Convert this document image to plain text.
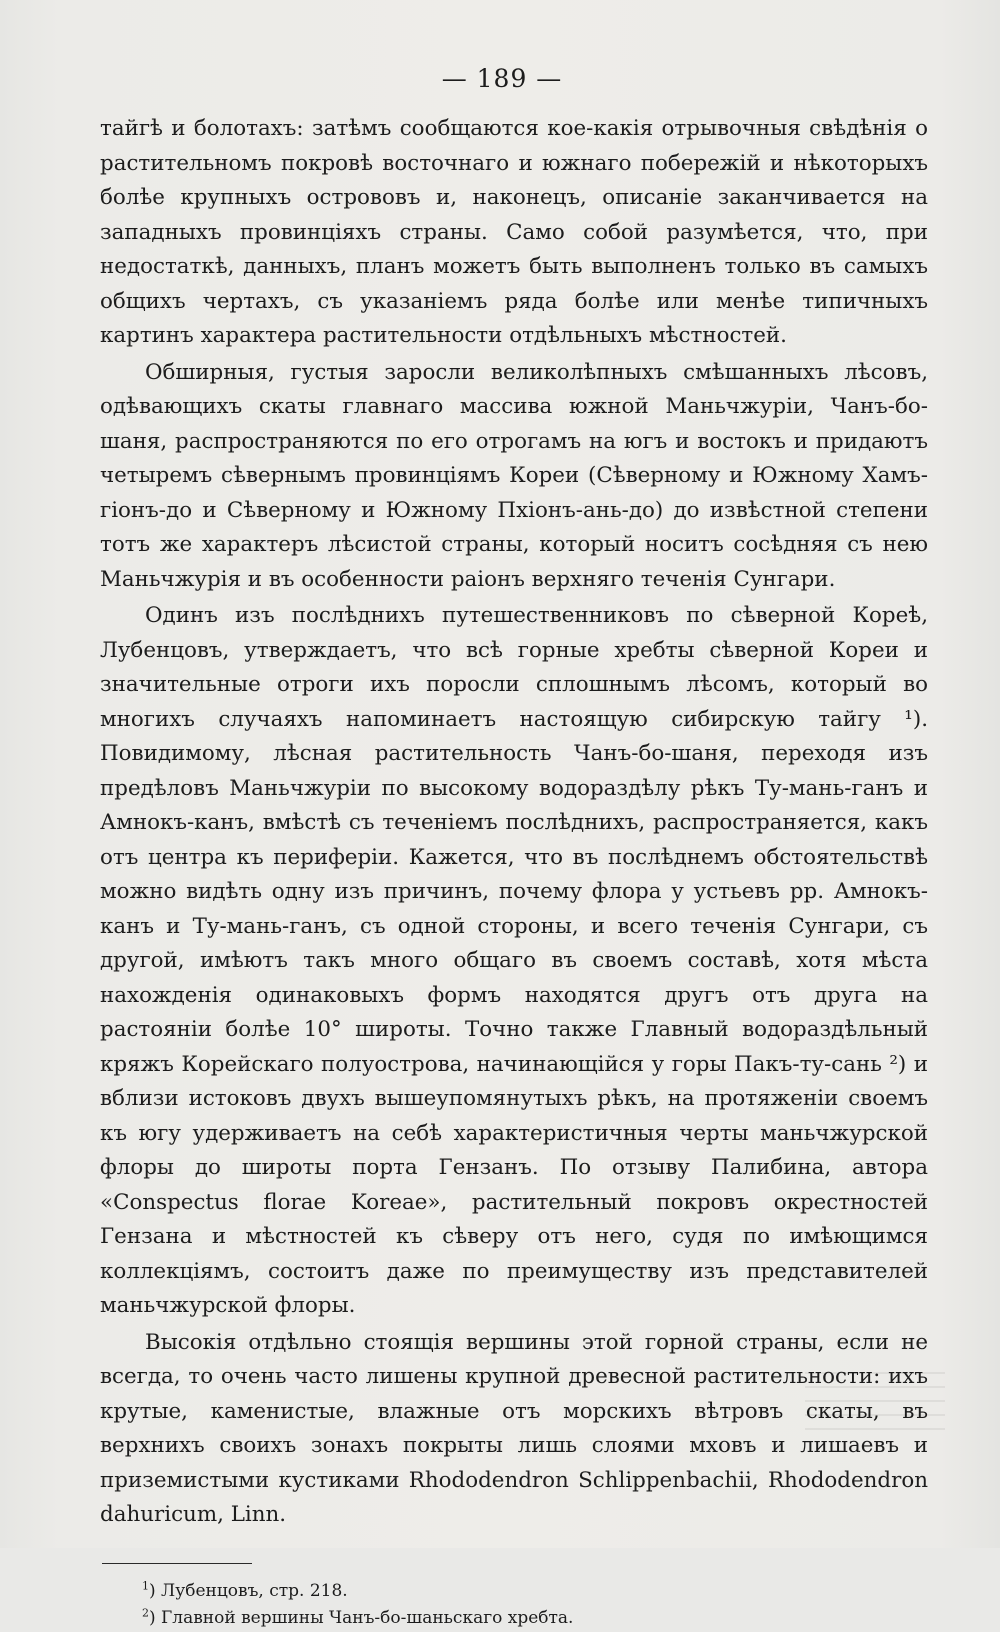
— 189 —

тайгѣ и болотахъ: затѣмъ сообщаются кое-какія отрывочныя свѣдѣнія о растительномъ покровѣ восточнаго и южнаго побережій и нѣкоторыхъ болѣе крупныхъ острововъ и, наконецъ, описаніе заканчивается на западныхъ провинціяхъ страны. Само собой разумѣется, что, при недостаткѣ, данныхъ, планъ можетъ быть выполненъ только въ самыхъ общихъ чертахъ, съ указаніемъ ряда болѣе или менѣе типичныхъ картинъ характера растительности отдѣльныхъ мѣстностей.

Обширныя, густыя заросли великолѣпныхъ смѣшанныхъ лѣсовъ, одѣвающихъ скаты главнаго массива южной Маньчжуріи, Чанъ-бо-шаня, распространяются по его отрогамъ на югъ и востокъ и придаютъ четыремъ сѣвернымъ провинціямъ Кореи (Сѣверному и Южному Хамъ-гіонъ-до и Сѣверному и Южному Пхіонъ-ань-до) до извѣстной степени тотъ же характеръ лѣсистой страны, который носитъ сосѣдняя съ нею Маньчжурія и въ особенности раіонъ верхняго теченія Сунгари.

Одинъ изъ послѣднихъ путешественниковъ по сѣверной Кореѣ, Лубенцовъ, утверждаетъ, что всѣ горные хребты сѣверной Кореи и значительные отроги ихъ поросли сплошнымъ лѣсомъ, который во многихъ случаяхъ напоминаетъ настоящую сибирскую тайгу ¹). Повидимому, лѣсная растительность Чанъ-бо-шаня, переходя изъ предѣловъ Маньчжуріи по высокому водораздѣлу рѣкъ Ту-мань-ганъ и Амнокъ-канъ, вмѣстѣ съ теченіемъ послѣднихъ, распространяется, какъ отъ центра къ периферіи. Кажется, что въ послѣднемъ обстоятельствѣ можно видѣть одну изъ причинъ, почему флора у устьевъ рр. Амнокъ-канъ и Ту-мань-ганъ, съ одной стороны, и всего теченія Сунгари, съ другой, имѣютъ такъ много общаго въ своемъ составѣ, хотя мѣста нахожденія одинаковыхъ формъ находятся другъ отъ друга на растояніи болѣе 10° широты. Точно также Главный водораздѣльный кряжъ Корейскаго полуострова, начинающійся у горы Пакъ-ту-сань ²) и вблизи истоковъ двухъ вышеупомянутыхъ рѣкъ, на протяженіи своемъ къ югу удерживаетъ на себѣ характеристичныя черты маньчжурской флоры до широты порта Гензанъ. По отзыву Палибина, автора «Conspectus florae Koreae», растительный покровъ окрестностей Гензана и мѣстностей къ сѣверу отъ него, судя по имѣющимся коллекціямъ, состоитъ даже по преимуществу изъ представителей маньчжурской флоры.

Высокія отдѣльно стоящія вершины этой горной страны, если не всегда, то очень часто лишены крупной древесной растительности: ихъ крутые, каменистые, влажные отъ морскихъ вѣтровъ скаты, въ верхнихъ своихъ зонахъ покрыты лишь слоями мховъ и лишаевъ и приземистыми кустиками Rhododendron Schlippenbachii, Rhododendron dahuricum, Linn.

$^1$) Лубенцовъ, стр. 218.
$^2$) Главной вершины Чанъ-бо-шаньскаго хребта.
